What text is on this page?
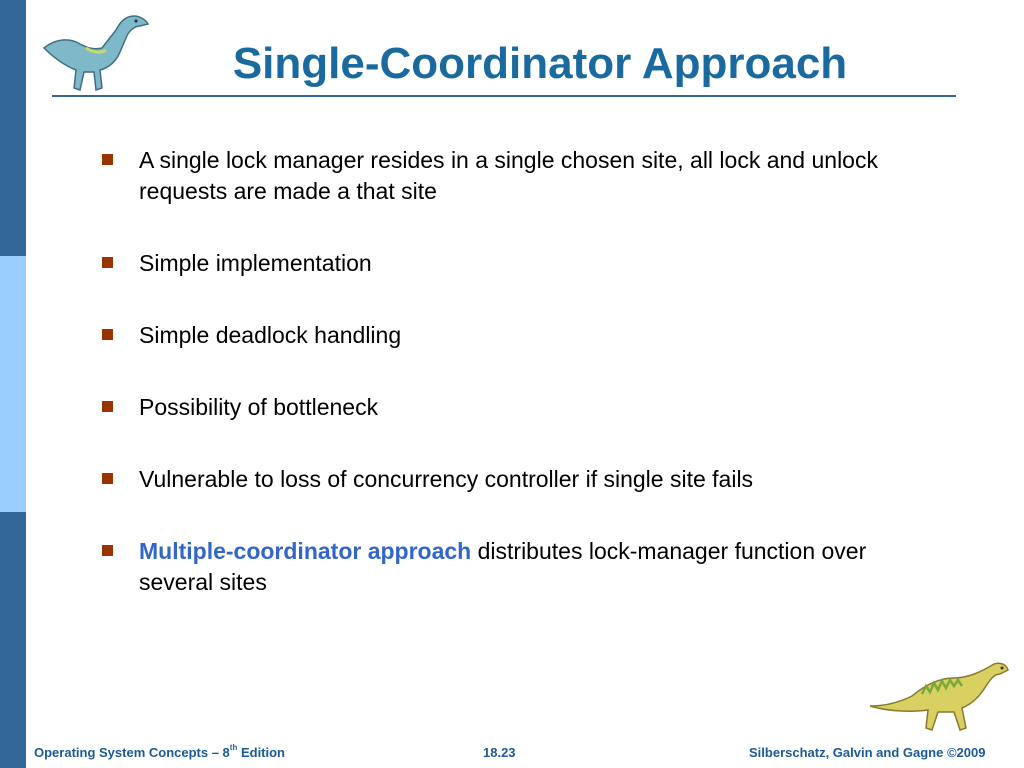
Single-Coordinator Approach
A single lock manager resides in a single chosen site, all lock and unlock requests are made a that site
Simple implementation
Simple deadlock handling
Possibility of bottleneck
Vulnerable to loss of concurrency controller if single site fails
Multiple-coordinator approach distributes lock-manager function over several sites
Operating System Concepts – 8th Edition	18.23	Silberschatz, Galvin and Gagne ©2009
